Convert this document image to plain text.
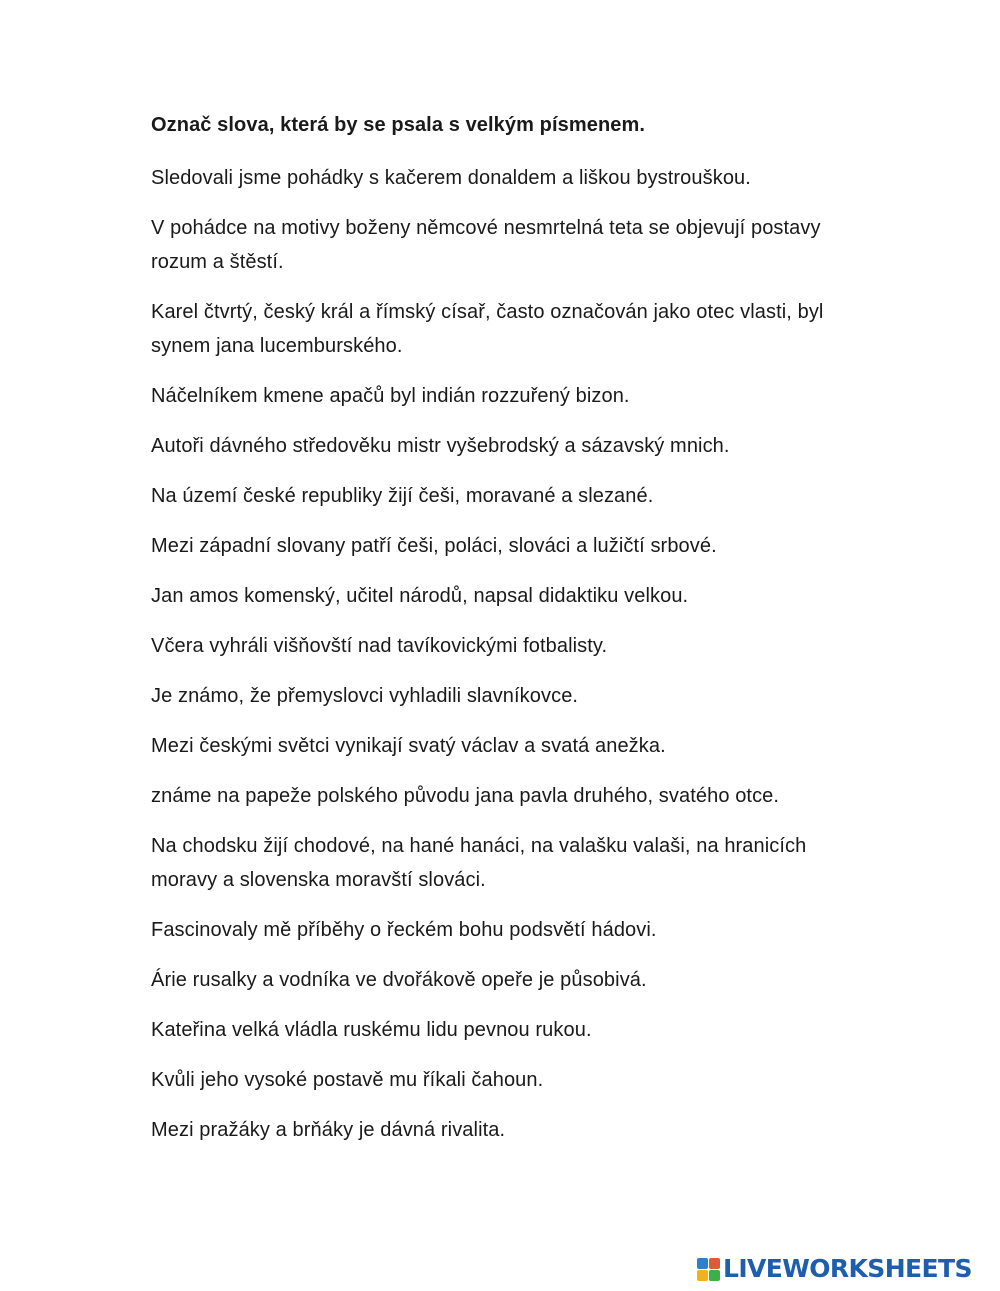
Označ slova, která by se psala s velkým písmenem.
Sledovali jsme pohádky s kačerem donaldem a liškou bystrouškou.
V pohádce na motivy boženy němcové nesmrtelná teta se objevují postavy rozum a štěstí.
Karel čtvrtý, český král a římský císař, často označován jako otec vlasti, byl synem jana lucemburského.
Náčelníkem kmene apačů byl indián rozzuřený bizon.
Autoři dávného středověku mistr vyšebrodský a sázavský mnich.
Na území české republiky žijí češi, moravané a slezané.
Mezi západní slovany patří češi, poláci, slováci a lužičtí srbové.
Jan amos komenský, učitel národů, napsal didaktiku velkou.
Včera vyhráli višňovští nad tavíkovickými fotbalisty.
Je známo, že přemyslovci vyhladili slavníkovce.
Mezi českými světci vynikají svatý václav a svatá anežka.
známe na papeže polského původu jana pavla druhého, svatého otce.
Na chodsku žijí chodové, na hané hanáci, na valašku valaši, na hranicích moravy a slovenska moravští slováci.
Fascinovaly mě příběhy o řeckém bohu podsvětí hádovi.
Árie rusalky a vodníka ve dvořákově opeře je působivá.
Kateřina velká vládla ruskému lidu pevnou rukou.
Kvůli jeho vysoké postavě mu říkali čahoun.
Mezi pražáky a brňáky je dávná rivalita.
LIVEWORKSHEETS
